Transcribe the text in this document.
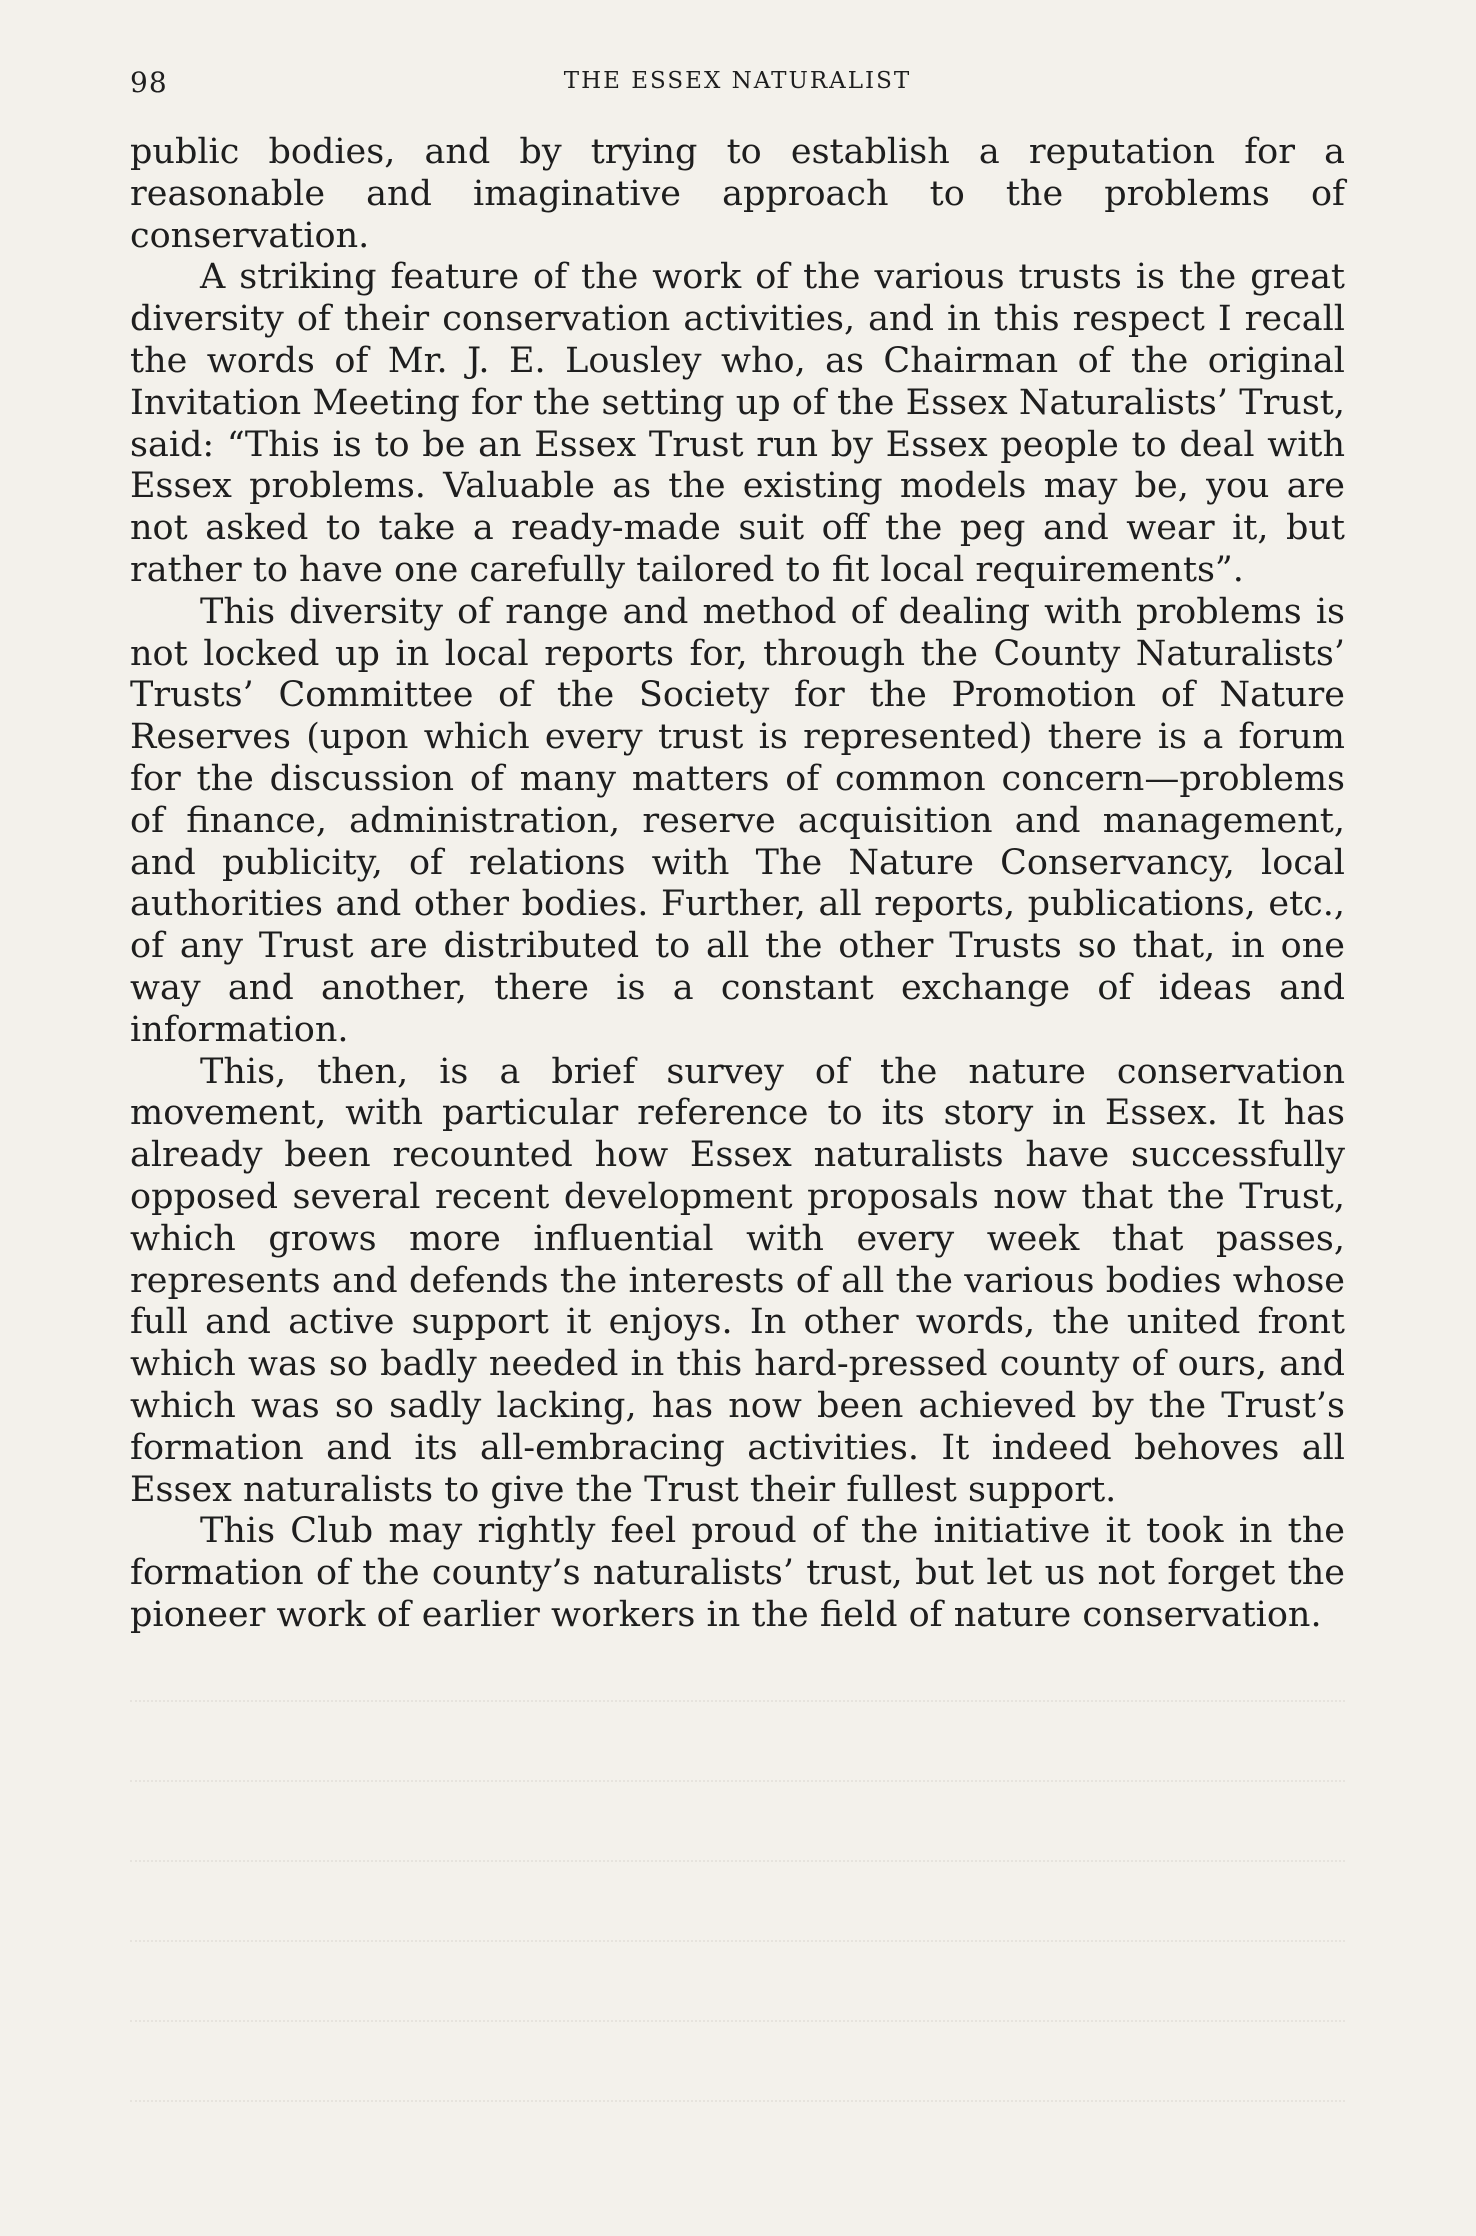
98	THE ESSEX NATURALIST

public bodies, and by trying to establish a reputation for a reasonable and imaginative approach to the problems of conservation.

A striking feature of the work of the various trusts is the great diversity of their conservation activities, and in this respect I recall the words of Mr. J. E. Lousley who, as Chairman of the original Invitation Meeting for the setting up of the Essex Naturalists’ Trust, said: “This is to be an Essex Trust run by Essex people to deal with Essex problems. Valuable as the existing models may be, you are not asked to take a ready-made suit off the peg and wear it, but rather to have one carefully tailored to fit local requirements”.

This diversity of range and method of dealing with problems is not locked up in local reports for, through the County Naturalists’ Trusts’ Committee of the Society for the Promotion of Nature Reserves (upon which every trust is represented) there is a forum for the discussion of many matters of common concern—problems of finance, administration, reserve acquisition and management, and publicity, of relations with The Nature Conservancy, local authorities and other bodies. Further, all reports, publications, etc., of any Trust are distributed to all the other Trusts so that, in one way and another, there is a constant exchange of ideas and information.

This, then, is a brief survey of the nature conservation movement, with particular reference to its story in Essex. It has already been recounted how Essex naturalists have successfully opposed several recent development proposals now that the Trust, which grows more influential with every week that passes, represents and defends the interests of all the various bodies whose full and active support it enjoys. In other words, the united front which was so badly needed in this hard-pressed county of ours, and which was so sadly lacking, has now been achieved by the Trust’s formation and its all-embracing activities. It indeed behoves all Essex naturalists to give the Trust their fullest support.

This Club may rightly feel proud of the initiative it took in the formation of the county’s naturalists’ trust, but let us not forget the pioneer work of earlier workers in the field of nature conservation.
